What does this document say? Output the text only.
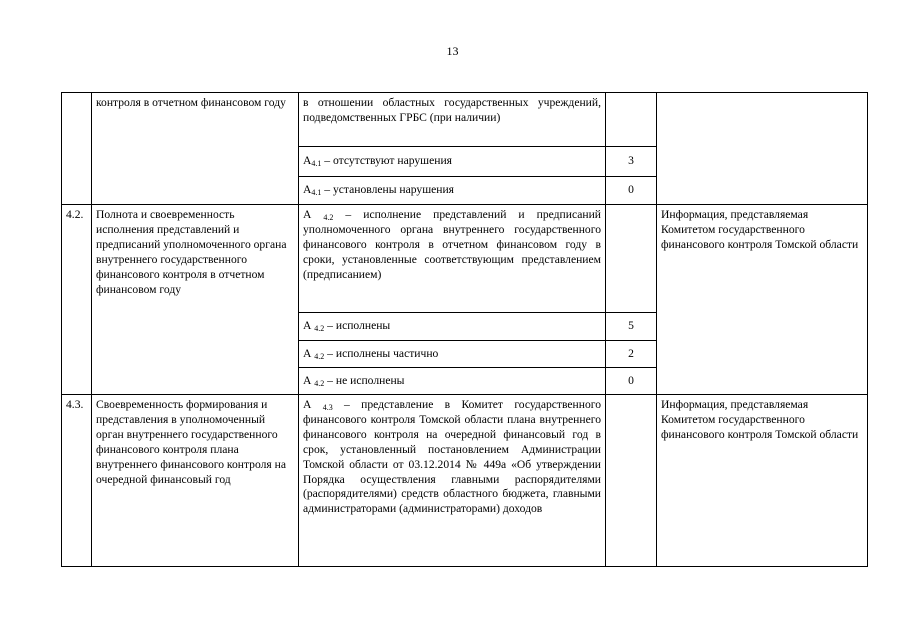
13
	контроля в отчетном финансовом году	в отношении областных государственных учреждений, подведомственных ГРБС (при наличии)		
		$А_{4.1}$ – отсутствуют нарушения	3	
		$А_{4.1}$ – установлены нарушения	0	
4.2.	Полнота и своевременность исполнения представлений и предписаний уполномоченного органа внутреннего государственного финансового контроля в отчетном финансовом году	А $_{4.2}$ – исполнение представлений и предписаний уполномоченного органа внутреннего государственного финансового контроля в отчетном финансовом году в сроки, установленные соответствующим представлением (предписанием)		Информация, представляемая Комитетом государственного финансового контроля Томской области
		А $_{4.2}$ – исполнены	5	
		А $_{4.2}$ – исполнены частично	2	
		А $_{4.2}$ – не исполнены	0	
4.3.	Своевременность формирования и представления в уполномоченный орган внутреннего государственного финансового контроля плана внутреннего финансового контроля на очередной финансовый год	А $_{4.3}$ – представление в Комитет государственного финансового контроля Томской области плана внутреннего финансового контроля на очередной финансовый год в срок, установленный постановлением Администрации Томской области от 03.12.2014 № 449а «Об утверждении Порядка осуществления главными распорядителями (распорядителями) средств областного бюджета, главными администраторами (администраторами) доходов		Информация, представляемая Комитетом государственного финансового контроля Томской области
